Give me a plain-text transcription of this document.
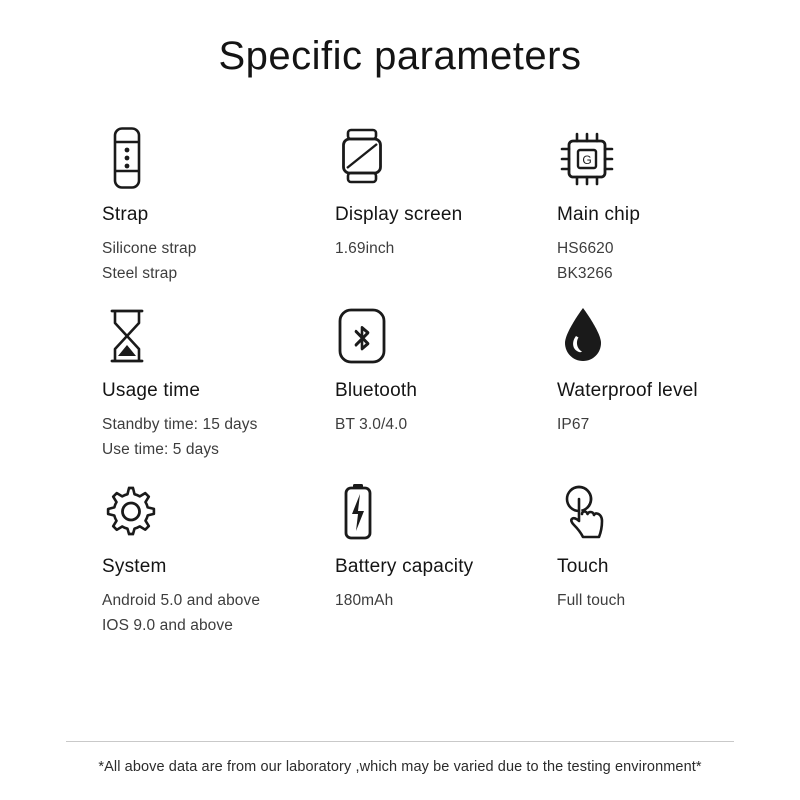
Specific parameters
Strap
Silicone strap
Steel strap
Display screen
1.69inch
G
Main chip
HS6620
BK3266
Usage time
Standby time: 15 days
Use time: 5 days
Bluetooth
BT 3.0/4.0
Waterproof level
IP67
System
Android 5.0 and above
IOS 9.0 and above
Battery capacity
180mAh
Touch
Full touch
*All above data are from our laboratory ,which may be varied due to the testing environment*
